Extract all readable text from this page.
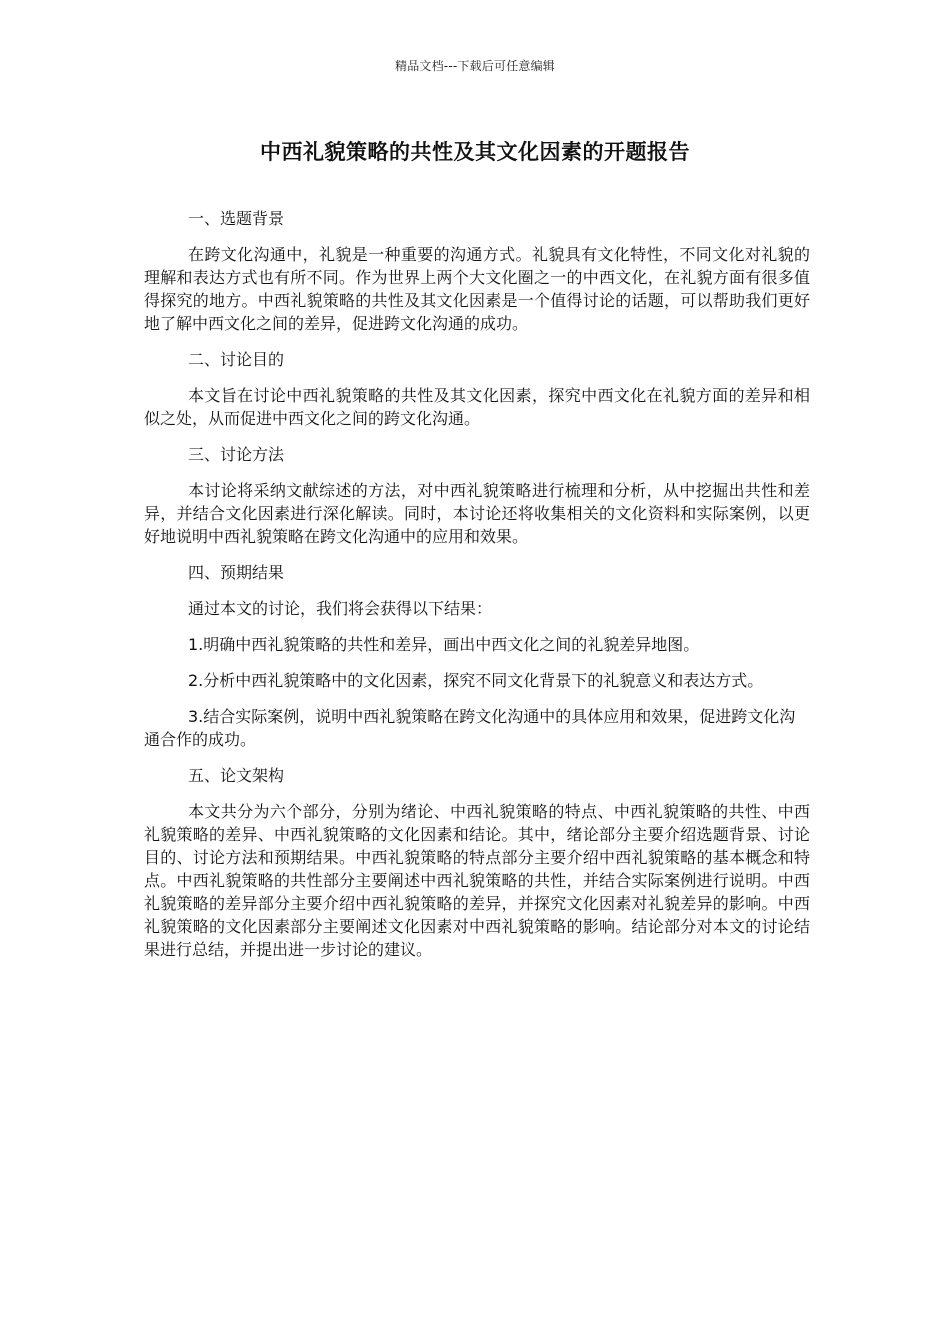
精品文档---下载后可任意编辑
中西礼貌策略的共性及其文化因素的开题报告

一、选题背景

在跨文化沟通中，礼貌是一种重要的沟通方式。礼貌具有文化特性，不同文化对礼貌的理解和表达方式也有所不同。作为世界上两个大文化圈之一的中西文化，在礼貌方面有很多值得探究的地方。中西礼貌策略的共性及其文化因素是一个值得讨论的话题，可以帮助我们更好地了解中西文化之间的差异，促进跨文化沟通的成功。

二、讨论目的

本文旨在讨论中西礼貌策略的共性及其文化因素，探究中西文化在礼貌方面的差异和相似之处，从而促进中西文化之间的跨文化沟通。

三、讨论方法

本讨论将采纳文献综述的方法，对中西礼貌策略进行梳理和分析，从中挖掘出共性和差异，并结合文化因素进行深化解读。同时，本讨论还将收集相关的文化资料和实际案例，以更好地说明中西礼貌策略在跨文化沟通中的应用和效果。

四、预期结果

通过本文的讨论，我们将会获得以下结果：

1.明确中西礼貌策略的共性和差异，画出中西文化之间的礼貌差异地图。

2.分析中西礼貌策略中的文化因素，探究不同文化背景下的礼貌意义和表达方式。

3.结合实际案例，说明中西礼貌策略在跨文化沟通中的具体应用和效果，促进跨文化沟通合作的成功。

五、论文架构

本文共分为六个部分，分别为绪论、中西礼貌策略的特点、中西礼貌策略的共性、中西礼貌策略的差异、中西礼貌策略的文化因素和结论。其中，绪论部分主要介绍选题背景、讨论目的、讨论方法和预期结果。中西礼貌策略的特点部分主要介绍中西礼貌策略的基本概念和特点。中西礼貌策略的共性部分主要阐述中西礼貌策略的共性，并结合实际案例进行说明。中西礼貌策略的差异部分主要介绍中西礼貌策略的差异，并探究文化因素对礼貌差异的影响。中西礼貌策略的文化因素部分主要阐述文化因素对中西礼貌策略的影响。结论部分对本文的讨论结果进行总结，并提出进一步讨论的建议。
